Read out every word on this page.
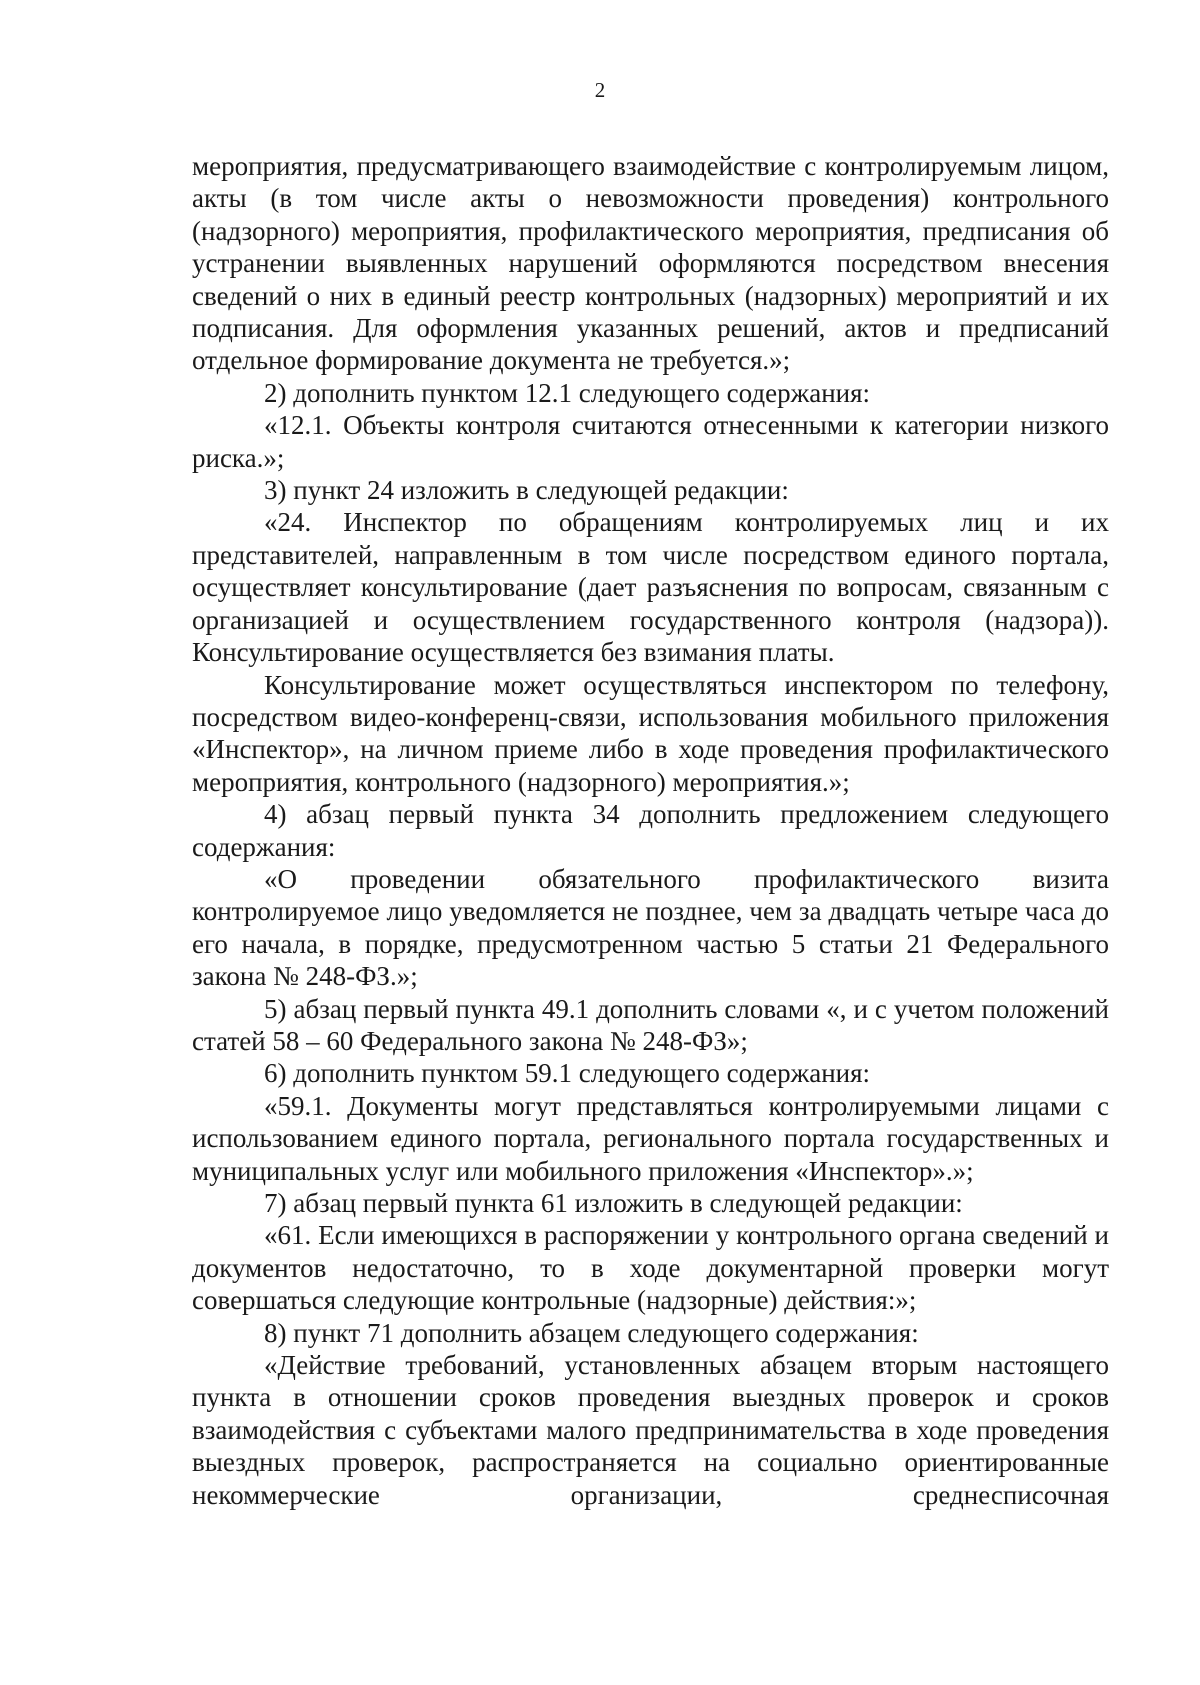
2

мероприятия, предусматривающего взаимодействие с контролируемым лицом, акты (в том числе акты о невозможности проведения) контрольного (надзорного) мероприятия, профилактического мероприятия, предписания об устранении выявленных нарушений оформляются посредством внесения сведений о них в единый реестр контрольных (надзорных) мероприятий и их подписания. Для оформления указанных решений, актов и предписаний отдельное формирование документа не требуется.»;

2) дополнить пунктом 12.1 следующего содержания:

«12.1. Объекты контроля считаются отнесенными к категории низкого риска.»;

3) пункт 24 изложить в следующей редакции:

«24. Инспектор по обращениям контролируемых лиц и их представителей, направленным в том числе посредством единого портала, осуществляет консультирование (дает разъяснения по вопросам, связанным с организацией и осуществлением государственного контроля (надзора)). Консультирование осуществляется без взимания платы.

Консультирование может осуществляться инспектором по телефону, посредством видео-конференц-связи, использования мобильного приложения «Инспектор», на личном приеме либо в ходе проведения профилактического мероприятия, контрольного (надзорного) мероприятия.»;

4) абзац первый пункта 34 дополнить предложением следующего содержания:

«О проведении обязательного профилактического визита контролируемое лицо уведомляется не позднее, чем за двадцать четыре часа до его начала, в порядке, предусмотренном частью 5 статьи 21 Федерального закона № 248-ФЗ.»;

5) абзац первый пункта 49.1 дополнить словами «, и с учетом положений статей 58 – 60 Федерального закона № 248-ФЗ»;

6) дополнить пунктом 59.1 следующего содержания:

«59.1. Документы могут представляться контролируемыми лицами с использованием единого портала, регионального портала государственных и муниципальных услуг или мобильного приложения «Инспектор».»;

7) абзац первый пункта 61 изложить в следующей редакции:

«61. Если имеющихся в распоряжении у контрольного органа сведений и документов недостаточно, то в ходе документарной проверки могут совершаться следующие контрольные (надзорные) действия:»;

8) пункт 71 дополнить абзацем следующего содержания:

«Действие требований, установленных абзацем вторым настоящего пункта в отношении сроков проведения выездных проверок и сроков взаимодействия с субъектами малого предпринимательства в ходе проведения выездных проверок, распространяется на социально ориентированные некоммерческие организации, среднесписочная
